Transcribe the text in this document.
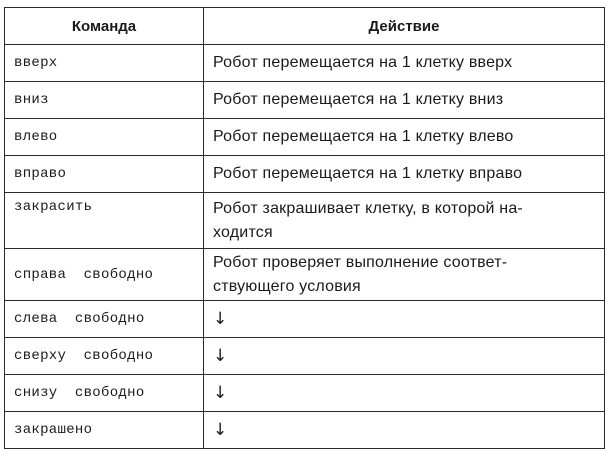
Команда	Действие
вверх	Робот перемещается на 1 клетку вверх
вниз	Робот перемещается на 1 клетку вниз
влево	Робот перемещается на 1 клетку влево
вправо	Робот перемещается на 1 клетку вправо
закрасить	Робот закрашивает клетку, в которой на-
ходится

справа  свободно	Робот проверяет выполнение соответ-
ствующего условия

слева  свободно	↓
сверху  свободно	↓
снизу  свободно	↓
закрашено	↓
